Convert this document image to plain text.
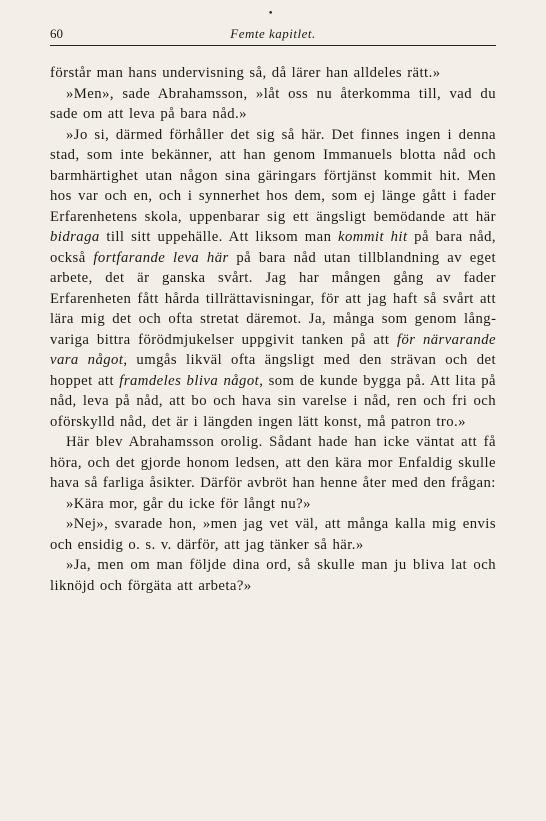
•
60	Femte kapitlet.

förstår man hans undervisning så, då lärer han alldeles rätt.»

»Men», sade Abrahamsson, »låt oss nu återkomma till, vad du sade om att leva på bara nåd.»

»Jo si, därmed förhåller det sig så här. Det finnes ingen i denna stad, som inte bekänner, att han genom Immanuels blotta nåd och barmhärtighet utan någon sina gäringars förtjänst kommit hit. Men hos var och en, och i synnerhet hos dem, som ej länge gått i fader Erfarenhetens skola, uppenbarar sig ett ängsligt bemödande att här bidraga till sitt uppehälle. Att liksom man kommit hit på bara nåd, också fortfarande leva här på bara nåd utan tillblandning av eget arbete, det är ganska svårt. Jag har mången gång av fader Erfarenheten fått hårda tillrättavisningar, för att jag haft så svårt att lära mig det och ofta stretat däremot. Ja, många som genom långvariga bittra förödmjukelser uppgivit tanken på att för närvarande vara något, umgås likväl ofta ängsligt med den strävan och det hoppet att framdeles bliva något, som de kunde bygga på. Att lita på nåd, leva på nåd, att bo och hava sin varelse i nåd, ren och fri och oförskylld nåd, det är i längden ingen lätt konst, må patron tro.»

Här blev Abrahamsson orolig. Sådant hade han icke väntat att få höra, och det gjorde honom ledsen, att den kära mor Enfaldig skulle hava så farliga åsikter. Därför avbröt han henne åter med den frågan:

»Kära mor, går du icke för långt nu?»

»Nej», svarade hon, »men jag vet väl, att många kalla mig envis och ensidig o. s. v. därför, att jag tänker så här.»

»Ja, men om man följde dina ord, så skulle man ju bliva lat och liknöjd och förgäta att arbeta?»
